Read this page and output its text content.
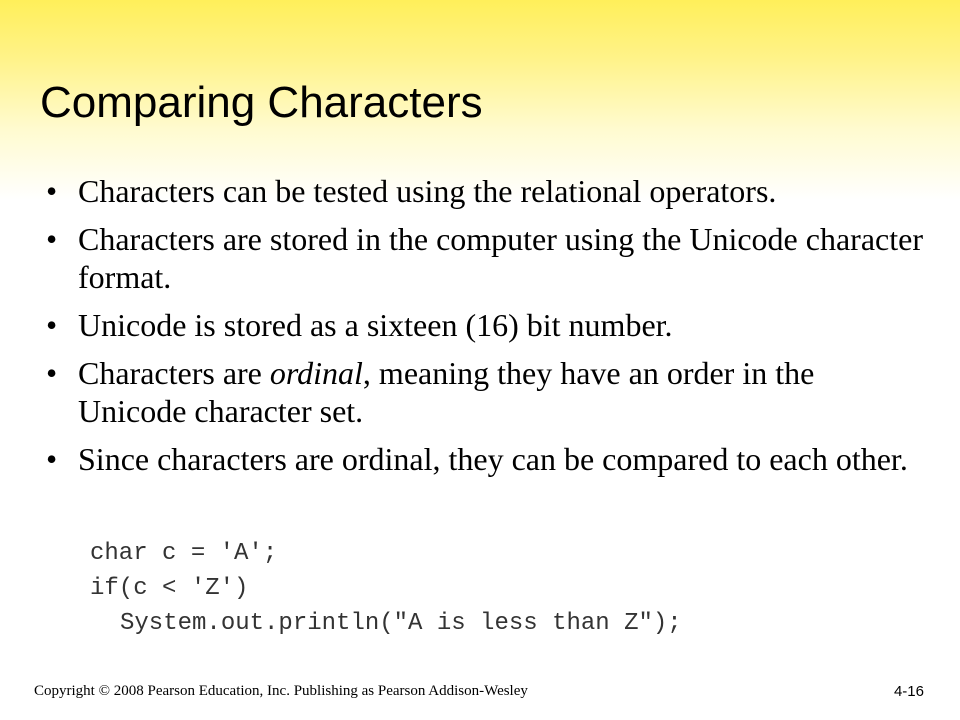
Comparing Characters
• Characters can be tested using the relational operators.
• Characters are stored in the computer using the Unicode character format.
• Unicode is stored as a sixteen (16) bit number.
• Characters are ordinal, meaning they have an order in the Unicode character set.
• Since characters are ordinal, they can be compared to each other.
char c = 'A';
if(c < 'Z')
System.out.println("A is less than Z");
Copyright © 2008 Pearson Education, Inc. Publishing as Pearson Addison-Wesley	4-16
